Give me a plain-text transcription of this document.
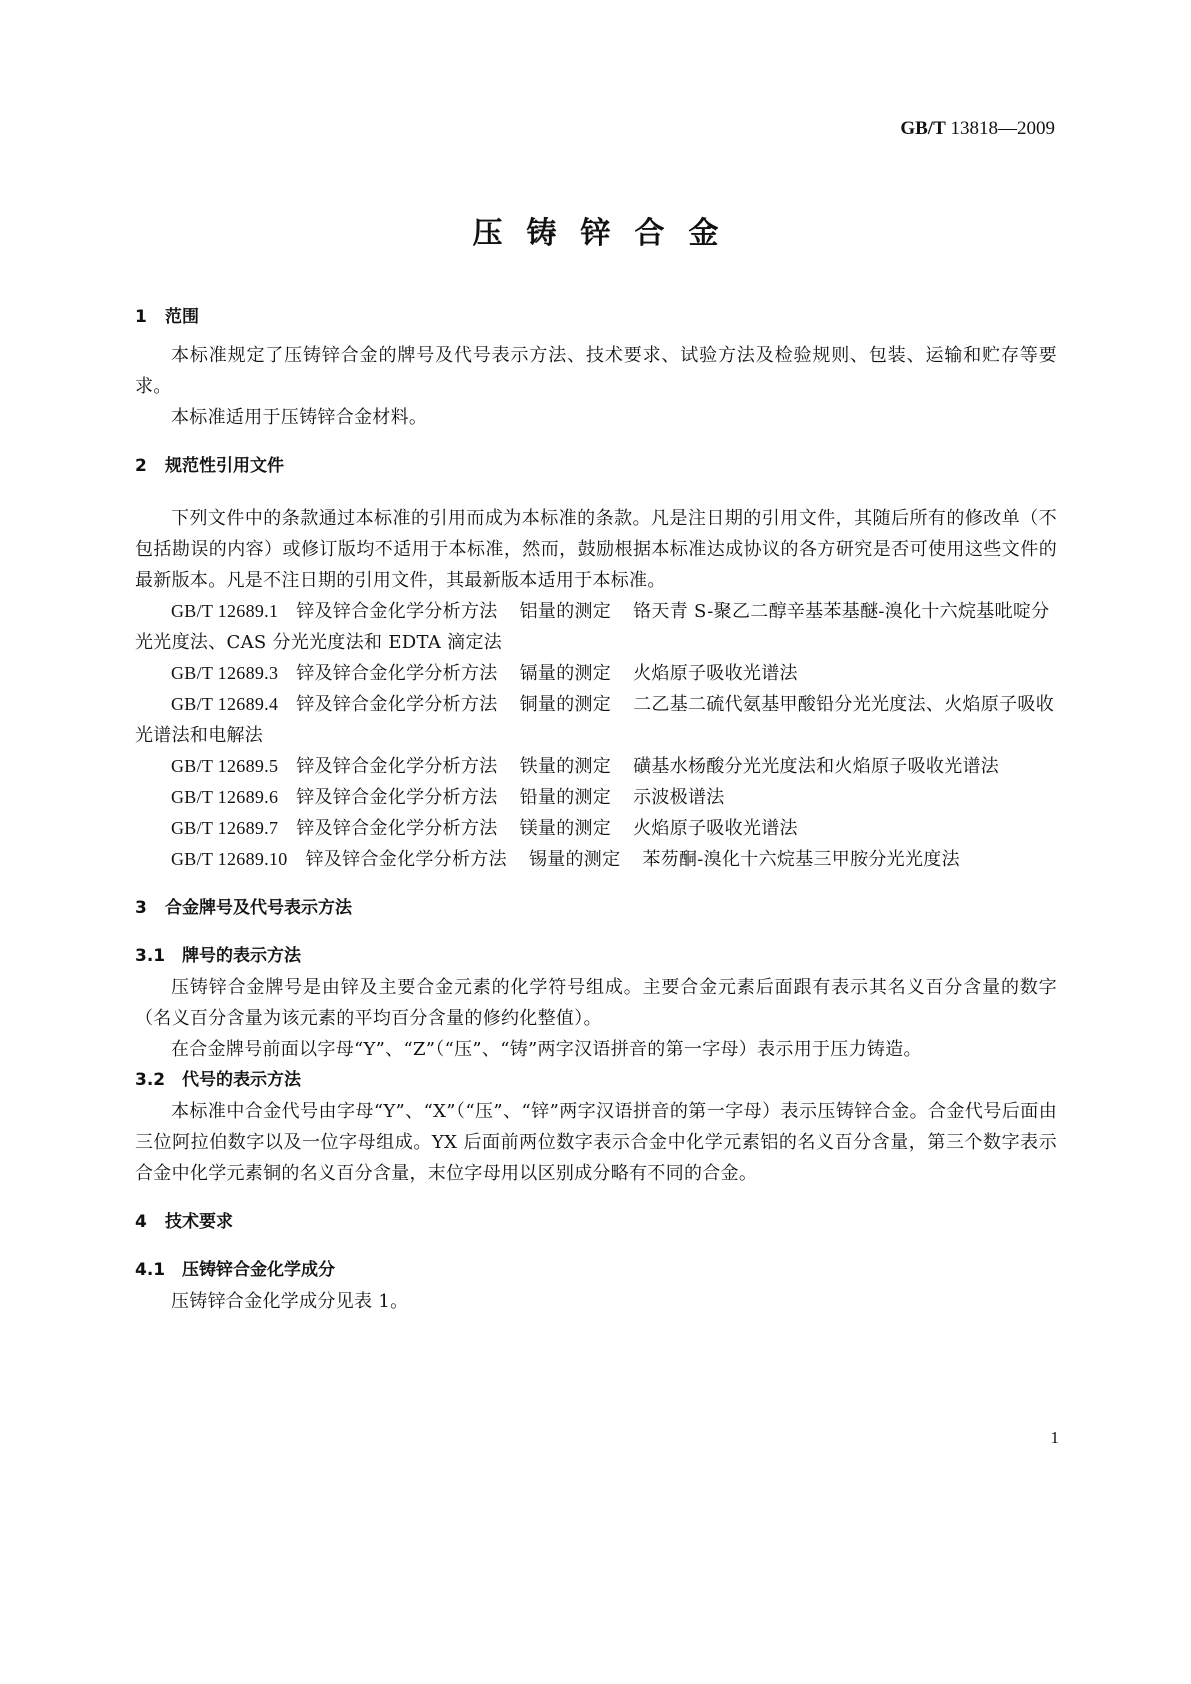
GB/T 13818—2009
压铸锌合金
1 范围
本标准规定了压铸锌合金的牌号及代号表示方法、技术要求、试验方法及检验规则、包装、运输和贮存等要求。
本标准适用于压铸锌合金材料。
2 规范性引用文件
下列文件中的条款通过本标准的引用而成为本标准的条款。凡是注日期的引用文件，其随后所有的修改单（不包括勘误的内容）或修订版均不适用于本标准，然而，鼓励根据本标准达成协议的各方研究是否可使用这些文件的最新版本。凡是不注日期的引用文件，其最新版本适用于本标准。
GB/T 12689.1 锌及锌合金化学分析方法 铝量的测定 铬天青 S-聚乙二醇辛基苯基醚-溴化十六烷基吡啶分光光度法、CAS 分光光度法和 EDTA 滴定法
GB/T 12689.3 锌及锌合金化学分析方法 镉量的测定 火焰原子吸收光谱法
GB/T 12689.4 锌及锌合金化学分析方法 铜量的测定 二乙基二硫代氨基甲酸铅分光光度法、火焰原子吸收光谱法和电解法
GB/T 12689.5 锌及锌合金化学分析方法 铁量的测定 磺基水杨酸分光光度法和火焰原子吸收光谱法
GB/T 12689.6 锌及锌合金化学分析方法 铅量的测定 示波极谱法
GB/T 12689.7 锌及锌合金化学分析方法 镁量的测定 火焰原子吸收光谱法
GB/T 12689.10 锌及锌合金化学分析方法 锡量的测定 苯芴酮-溴化十六烷基三甲胺分光光度法
3 合金牌号及代号表示方法
3.1 牌号的表示方法
压铸锌合金牌号是由锌及主要合金元素的化学符号组成。主要合金元素后面跟有表示其名义百分含量的数字（名义百分含量为该元素的平均百分含量的修约化整值）。
在合金牌号前面以字母“Y”、“Z”（“压”、“铸”两字汉语拼音的第一字母）表示用于压力铸造。
3.2 代号的表示方法
本标准中合金代号由字母“Y”、“X”（“压”、“锌”两字汉语拼音的第一字母）表示压铸锌合金。合金代号后面由三位阿拉伯数字以及一位字母组成。YX 后面前两位数字表示合金中化学元素铝的名义百分含量，第三个数字表示合金中化学元素铜的名义百分含量，末位字母用以区别成分略有不同的合金。
4 技术要求
4.1 压铸锌合金化学成分
压铸锌合金化学成分见表 1。
1
